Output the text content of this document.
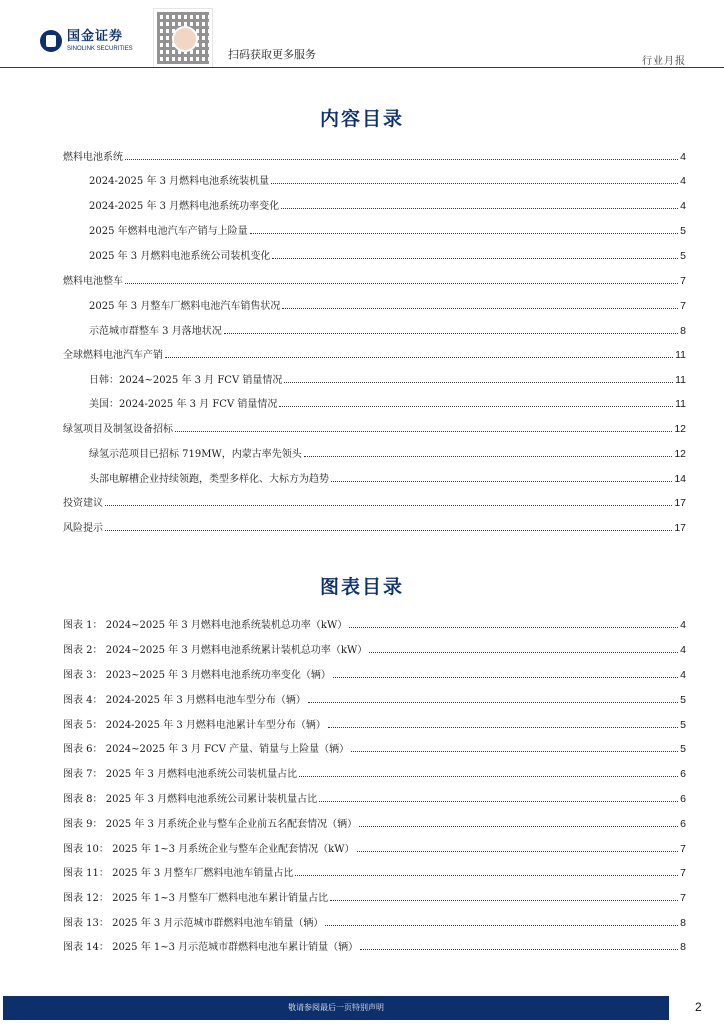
国金证券
SINOLINK SECURITIES	扫码获取更多服务
行业月报
内容目录
燃料电池系统	4
2024-2025 年 3 月燃料电池系统装机量	4
2024-2025 年 3 月燃料电池系统功率变化	4
2025 年燃料电池汽车产销与上险量	5
2025 年 3 月燃料电池系统公司装机变化	5
燃料电池整车	7
2025 年 3 月整车厂燃料电池汽车销售状况	7
示范城市群整车 3 月落地状况	8
全球燃料电池汽车产销	11
日韩：2024~2025 年 3 月 FCV 销量情况	11
美国：2024-2025 年 3 月 FCV 销量情况	11
绿氢项目及制氢设备招标	12
绿氢示范项目已招标 719MW，内蒙古率先领头	12
头部电解槽企业持续领跑，类型多样化、大标方为趋势	14
投资建议	17
风险提示	17
图表目录
图表 1： 2024~2025 年 3 月燃料电池系统装机总功率（kW）	4
图表 2： 2024~2025 年 3 月燃料电池系统累计装机总功率（kW）	4
图表 3： 2023~2025 年 3 月燃料电池系统功率变化（辆）	4
图表 4： 2024-2025 年 3 月燃料电池车型分布（辆）	5
图表 5： 2024-2025 年 3 月燃料电池累计车型分布（辆）	5
图表 6： 2024~2025 年 3 月 FCV 产量、销量与上险量（辆）	5
图表 7： 2025 年 3 月燃料电池系统公司装机量占比	6
图表 8： 2025 年 3 月燃料电池系统公司累计装机量占比	6
图表 9： 2025 年 3 月系统企业与整车企业前五名配套情况（辆）	6
图表 10： 2025 年 1~3 月系统企业与整车企业配套情况（kW）	7
图表 11： 2025 年 3 月整车厂燃料电池车销量占比	7
图表 12： 2025 年 1~3 月整车厂燃料电池车累计销量占比	7
图表 13： 2025 年 3 月示范城市群燃料电池车销量（辆）	8
图表 14： 2025 年 1~3 月示范城市群燃料电池车累计销量（辆）	8
敬请参阅最后一页特别声明	2
